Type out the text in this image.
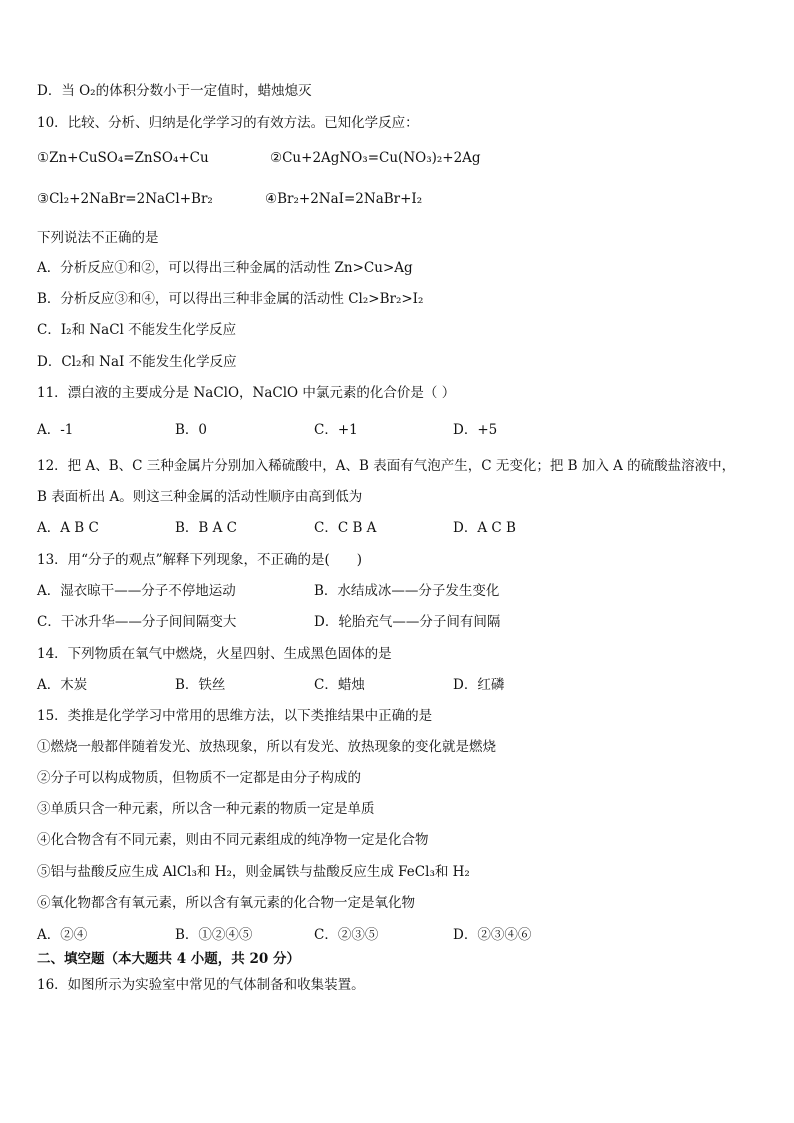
D．当 O₂的体积分数小于一定值时，蜡烛熄灭
10．比较、分析、归纳是化学学习的有效方法。已知化学反应：
①Zn+CuSO₄=ZnSO₄+Cu	②Cu+2AgNO₃=Cu(NO₃)₂+2Ag
③Cl₂+2NaBr=2NaCl+Br₂	④Br₂+2NaI=2NaBr+I₂
下列说法不正确的是
A．分析反应①和②，可以得出三种金属的活动性 Zn>Cu>Ag
B．分析反应③和④，可以得出三种非金属的活动性 Cl₂>Br₂>I₂
C．I₂和 NaCl 不能发生化学反应
D．Cl₂和 NaI 不能发生化学反应
11．漂白液的主要成分是 NaClO，NaClO 中氯元素的化合价是（ ）
A．-1	B．0	C．+1	D．+5
12．把 A、B、C 三种金属片分别加入稀硫酸中，A、B 表面有气泡产生，C 无变化；把 B 加入 A 的硫酸盐溶液中，
B 表面析出 A。则这三种金属的活动性顺序由高到低为
A．A B C	B．B A C	C．C B A	D．A C B
13．用“分子的观点”解释下列现象，不正确的是(　　)
A．湿衣晾干——分子不停地运动	B．水结成冰——分子发生变化
C．干冰升华——分子间间隔变大	D．轮胎充气——分子间有间隔
14．下列物质在氧气中燃烧，火星四射、生成黑色固体的是
A．木炭	B．铁丝	C．蜡烛	D．红磷
15．类推是化学学习中常用的思维方法，以下类推结果中正确的是
①燃烧一般都伴随着发光、放热现象，所以有发光、放热现象的变化就是燃烧
②分子可以构成物质，但物质不一定都是由分子构成的
③单质只含一种元素，所以含一种元素的物质一定是单质
④化合物含有不同元素，则由不同元素组成的纯净物一定是化合物
⑤铝与盐酸反应生成 AlCl₃和 H₂，则金属铁与盐酸反应生成 FeCl₃和 H₂
⑥氧化物都含有氧元素，所以含有氧元素的化合物一定是氧化物
A．②④	B．①②④⑤	C．②③⑤	D．②③④⑥
二、填空题（本大题共 4 小题，共 20 分）
16．如图所示为实验室中常见的气体制备和收集装置。
